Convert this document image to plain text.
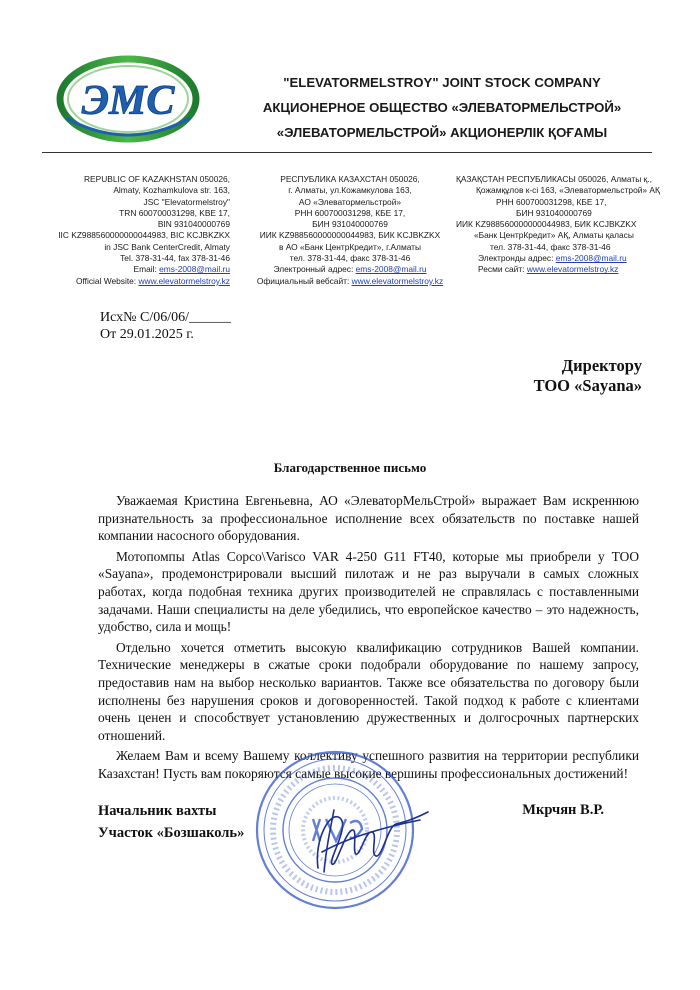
ЭМС	"ELEVATORMELSTROY" JOINT STOCK COMPANY
АКЦИОНЕРНОЕ ОБЩЕСТВО «ЭЛЕВАТОРМЕЛЬСТРОЙ»
«ЭЛЕВАТОРМЕЛЬСТРОЙ» АКЦИОНЕРЛІК ҚОҒАМЫ
REPUBLIC OF KAZAKHSTAN 050026,
Almaty, Kozhamkulova str. 163,
JSC "Elevatormelstroy"
TRN 600700031298, KBE 17,
BIN 931040000769
IIC KZ988560000000044983, BIC KCJBKZKX
in JSC Bank CenterCredit, Almaty
Tel. 378-31-44, fax 378-31-46
Email: ems-2008@mail.ru
Official Website: www.elevatormelstroy.kz
РЕСПУБЛИКА КАЗАХСТАН 050026,
г. Алматы, ул.Кожамкулова 163,
АО «Элеватормельстрой»
РНН 600700031298, КБЕ 17,
БИН 931040000769
ИИК KZ988560000000044983, БИК KCJBKZKX
в АО «Банк ЦентрКредит», г.Алматы
тел. 378-31-44, факс 378-31-46
Электронный адрес: ems-2008@mail.ru
Официальный вебсайт: www.elevatormelstroy.kz
ҚАЗАҚСТАН РЕСПУБЛИКАСЫ 050026, Алматы қ.,
Қожамқұлов к-сі 163, «Элеватормельстрой» АҚ
РНН 600700031298, КБЕ 17,
БИН 931040000769
ИИК KZ988560000000044983, БИК KCJBKZKX
«Банк ЦентрКредит» АҚ, Алматы қаласы
тел. 378-31-44, факс 378-31-46
Электронды адрес: ems-2008@mail.ru
Ресми сайт: www.elevatormelstroy.kz
Исх№ С/06/06/______
От 29.01.2025 г.
Директору
ТОО «Sayana»
Благодарственное письмо

Уважаемая Кристина Евгеньевна, АО «ЭлеваторМельСтрой» выражает Вам искреннюю признательность за профессиональное исполнение всех обязательств по поставке нашей компании насосного оборудования.

Мотопомпы Atlas Copco\Varisco VAR 4-250 G11 FT40, которые мы приобрели у ТОО «Sayana», продемонстрировали высший пилотаж и не раз выручали в самых сложных работах, когда подобная техника других производителей не справлялась с поставленными задачами. Наши специалисты на деле убедились, что европейское качество – это надежность, удобство, сила и мощь!

Отдельно хочется отметить высокую квалификацию сотрудников Вашей компании. Технические менеджеры в сжатые сроки подобрали оборудование по нашему запросу, предоставив нам на выбор несколько вариантов. Также все обязательства по договору были исполнены без нарушения сроков и договоренностей. Такой подход к работе с клиентами очень ценен и способствует установлению дружественных и долгосрочных партнерских отношений.

Желаем Вам и всему Вашему коллективу успешного развития на территории республики Казахстан! Пусть вам покоряются самые высокие вершины профессиональных достижений!

Начальник вахты
Участок «Бозшаколь»
Мкрчян В.Р.
